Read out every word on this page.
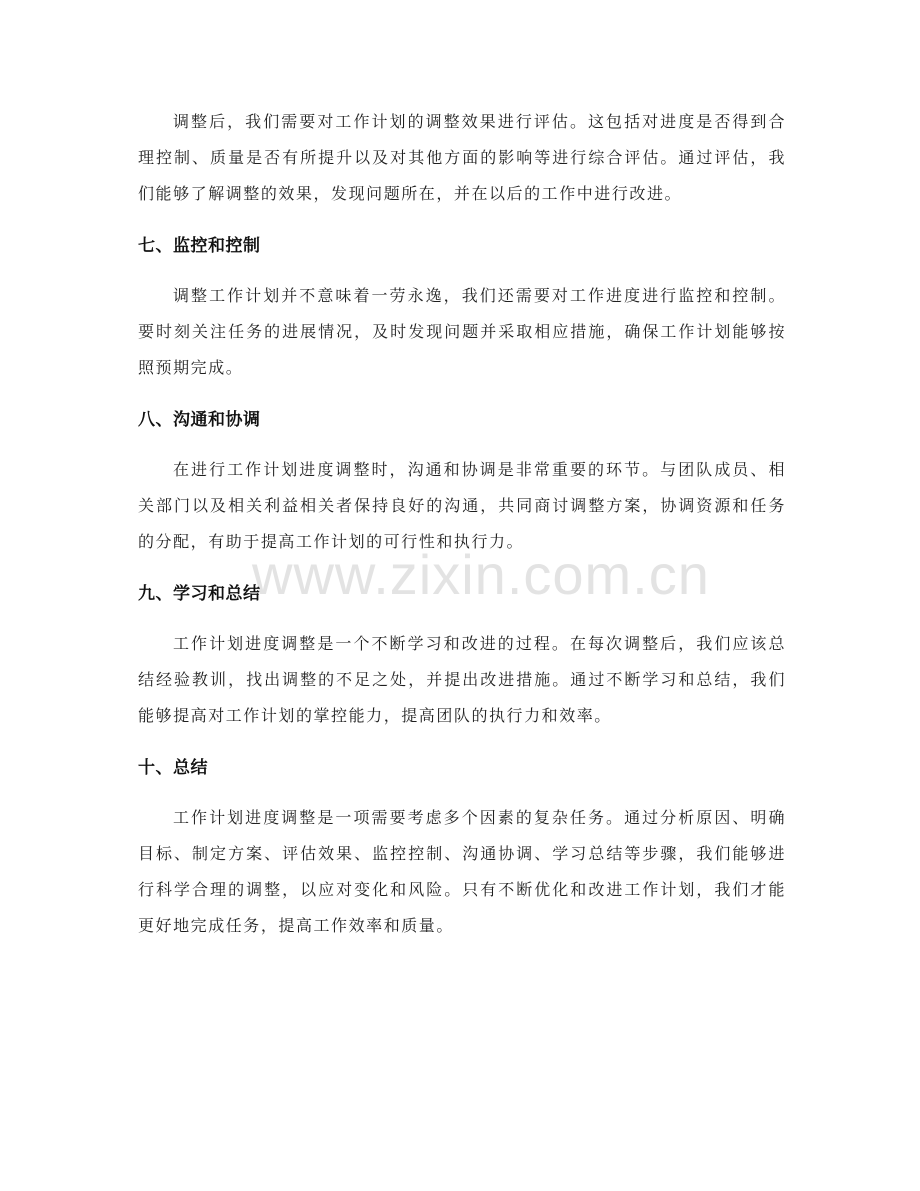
www.zixin.com.cn

调整后，我们需要对工作计划的调整效果进行评估。这包括对进度是否得到合理控制、质量是否有所提升以及对其他方面的影响等进行综合评估。通过评估，我们能够了解调整的效果，发现问题所在，并在以后的工作中进行改进。

七、监控和控制

调整工作计划并不意味着一劳永逸，我们还需要对工作进度进行监控和控制。要时刻关注任务的进展情况，及时发现问题并采取相应措施，确保工作计划能够按照预期完成。

八、沟通和协调

在进行工作计划进度调整时，沟通和协调是非常重要的环节。与团队成员、相关部门以及相关利益相关者保持良好的沟通，共同商讨调整方案，协调资源和任务的分配，有助于提高工作计划的可行性和执行力。

九、学习和总结

工作计划进度调整是一个不断学习和改进的过程。在每次调整后，我们应该总结经验教训，找出调整的不足之处，并提出改进措施。通过不断学习和总结，我们能够提高对工作计划的掌控能力，提高团队的执行力和效率。

十、总结

工作计划进度调整是一项需要考虑多个因素的复杂任务。通过分析原因、明确目标、制定方案、评估效果、监控控制、沟通协调、学习总结等步骤，我们能够进行科学合理的调整，以应对变化和风险。只有不断优化和改进工作计划，我们才能更好地完成任务，提高工作效率和质量。
